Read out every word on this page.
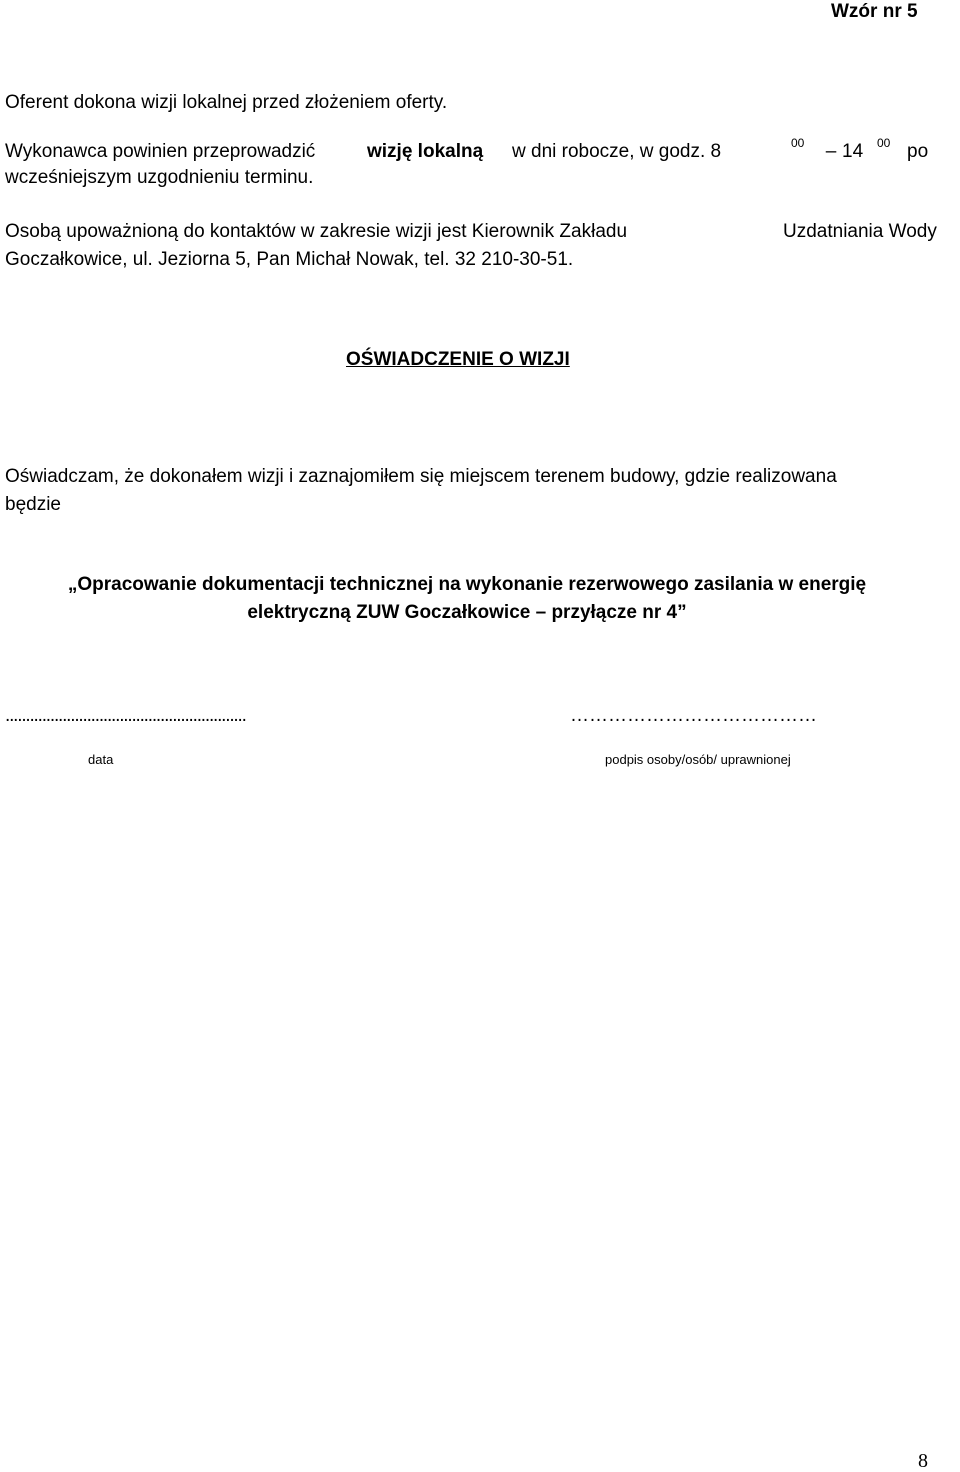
Wzór nr 5
Oferent dokona wizji lokalnej przed złożeniem oferty.
Wykonawca powinien przeprowadzić	wizję lokalną w dni robocze, w godz. 8	00	– 14 00 po
wcześniejszym uzgodnieniu terminu.
Osobą upoważnioną do kontaktów w zakresie wizji jest Kierownik Zakładu	Uzdatniania Wody
Goczałkowice, ul. Jeziorna 5, Pan Michał Nowak, tel. 32 210-30-51.
OŚWIADCZENIE O WIZJI
Oświadczam, że dokonałem wizji i zaznajomiłem się miejscem terenem budowy, gdzie realizowana
będzie
„Opracowanie dokumentacji technicznej na wykonanie rezerwowego zasilania w energię
elektryczną ZUW Goczałkowice – przyłącze nr 4”
...........................................................	…………………………………
data	podpis osoby/osób/ uprawnionej
8
